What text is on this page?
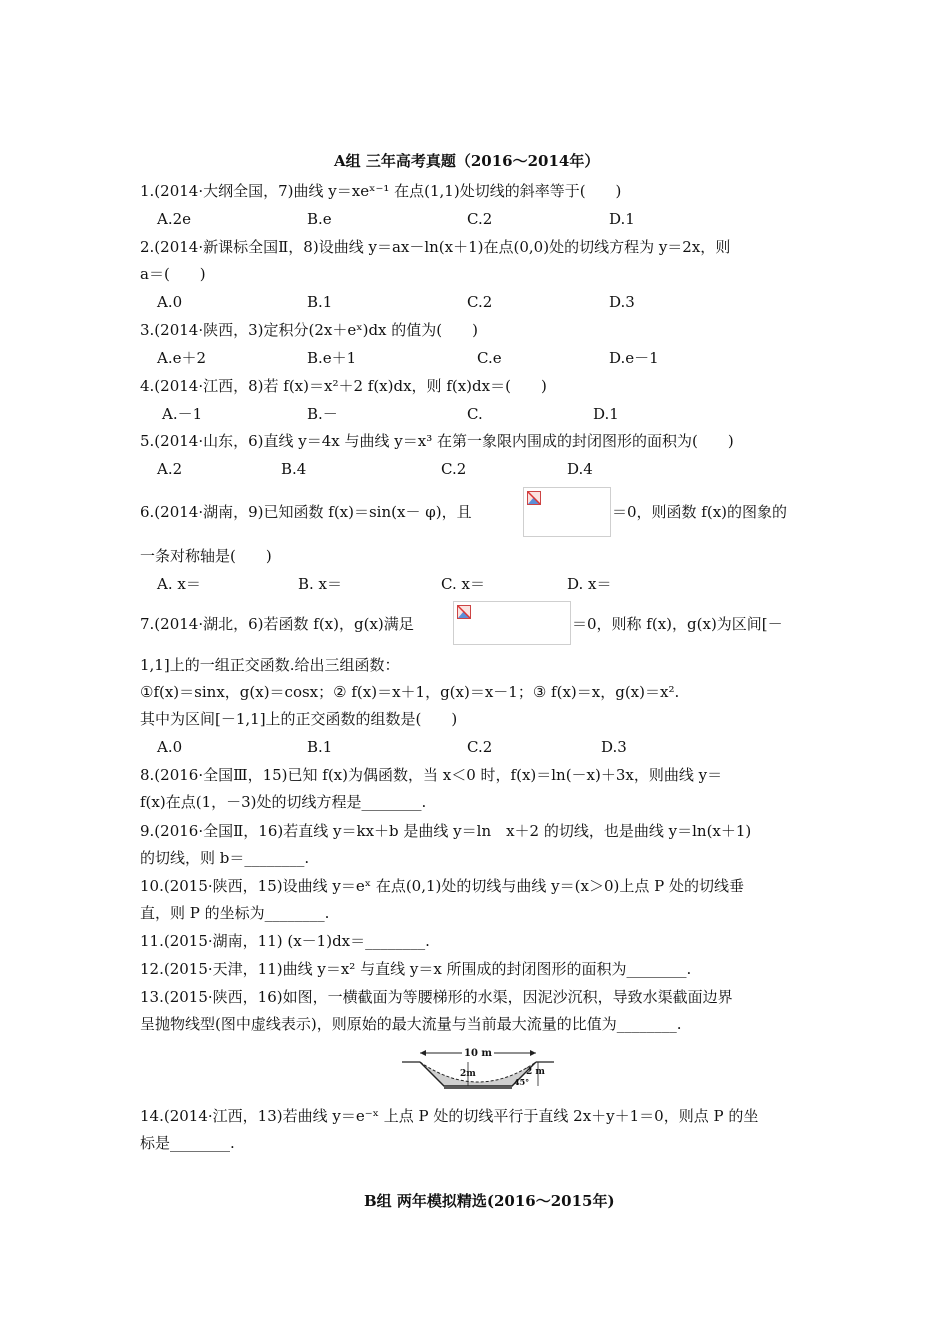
A组 三年高考真题（2016～2014年）
1.(2014·大纲全国，7)曲线 y＝xeˣ⁻¹ 在点(1,1)处切线的斜率等于(　　)
A.2e	B.e	C.2	D.1
2.(2014·新课标全国Ⅱ，8)设曲线 y＝ax－ln(x＋1)在点(0,0)处的切线方程为 y＝2x，则
a＝(　　)
A.0	B.1	C.2	D.3
3.(2014·陕西，3)定积分(2x＋eˣ)dx 的值为(　　)
A.e＋2	B.e＋1	C.e	D.e－1
4.(2014·江西，8)若 f(x)＝x²＋2 f(x)dx，则 f(x)dx＝(　　)
A.－1	B.－	C.	D.1
5.(2014·山东，6)直线 y＝4x 与曲线 y＝x³ 在第一象限内围成的封闭图形的面积为(　　)
A.2	B.4	C.2	D.4
6.(2014·湖南，9)已知函数 f(x)＝sin(x－ φ)，且	＝0，则函数 f(x)的图象的
一条对称轴是(　　)
A. x＝	B. x＝	C. x＝	D. x＝
7.(2014·湖北，6)若函数 f(x)，g(x)满足	＝0，则称 f(x)，g(x)为区间[－
1,1]上的一组正交函数.给出三组函数：
①f(x)＝sinx，g(x)＝cosx；② f(x)＝x＋1，g(x)＝x－1；③ f(x)＝x，g(x)＝x².
其中为区间[－1,1]上的正交函数的组数是(　　)
A.0	B.1	C.2	D.3
8.(2016·全国Ⅲ，15)已知 f(x)为偶函数，当 x＜0 时，f(x)＝ln(－x)＋3x，则曲线 y＝
f(x)在点(1，－3)处的切线方程是________.
9.(2016·全国Ⅱ，16)若直线 y＝kx＋b 是曲线 y＝ln　x＋2 的切线，也是曲线 y＝ln(x＋1)
的切线，则 b＝________.
10.(2015·陕西，15)设曲线 y＝eˣ 在点(0,1)处的切线与曲线 y＝(x＞0)上点 P 处的切线垂
直，则 P 的坐标为________.
11.(2015·湖南，11) (x－1)dx＝________.
12.(2015·天津，11)曲线 y＝x² 与直线 y＝x 所围成的封闭图形的面积为________.
13.(2015·陕西，16)如图，一横截面为等腰梯形的水渠，因泥沙沉积，导致水渠截面边界
呈抛物线型(图中虚线表示)，则原始的最大流量与当前最大流量的比值为________.
10 m
2m	2 m
45°
14.(2014·江西，13)若曲线 y＝e⁻ˣ 上点 P 处的切线平行于直线 2x＋y＋1＝0，则点 P 的坐
标是________.
B组 两年模拟精选(2016～2015年)
